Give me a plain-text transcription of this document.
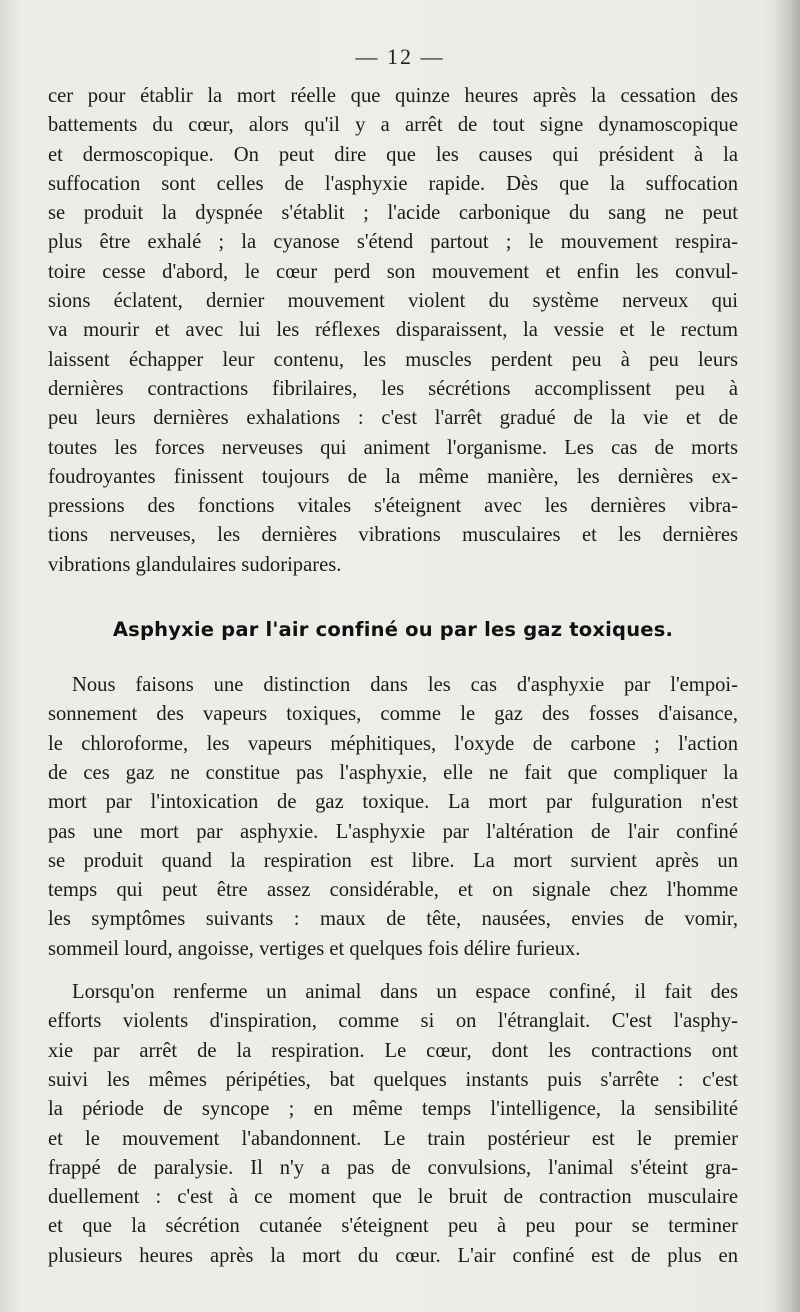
— 12 —
cer pour établir la mort réelle que quinze heures après la cessation des
battements du cœur, alors qu'il y a arrêt de tout signe dynamoscopique
et dermoscopique. On peut dire que les causes qui président à la
suffocation sont celles de l'asphyxie rapide. Dès que la suffocation
se produit la dyspnée s'établit ; l'acide carbonique du sang ne peut
plus être exhalé ; la cyanose s'étend partout ; le mouvement respira-
toire cesse d'abord, le cœur perd son mouvement et enfin les convul-
sions éclatent, dernier mouvement violent du système nerveux qui
va mourir et avec lui les réflexes disparaissent, la vessie et le rectum
laissent échapper leur contenu, les muscles perdent peu à peu leurs
dernières contractions fibrilaires, les sécrétions accomplissent peu à
peu leurs dernières exhalations : c'est l'arrêt gradué de la vie et de
toutes les forces nerveuses qui animent l'organisme. Les cas de morts
foudroyantes finissent toujours de la même manière, les dernières ex-
pressions des fonctions vitales s'éteignent avec les dernières vibra-
tions nerveuses, les dernières vibrations musculaires et les dernières
vibrations glandulaires sudoripares.
Asphyxie par l'air confiné ou par les gaz toxiques.
Nous faisons une distinction dans les cas d'asphyxie par l'empoi-
sonnement des vapeurs toxiques, comme le gaz des fosses d'aisance,
le chloroforme, les vapeurs méphitiques, l'oxyde de carbone ; l'action
de ces gaz ne constitue pas l'asphyxie, elle ne fait que compliquer la
mort par l'intoxication de gaz toxique. La mort par fulguration n'est
pas une mort par asphyxie. L'asphyxie par l'altération de l'air confiné
se produit quand la respiration est libre. La mort survient après un
temps qui peut être assez considérable, et on signale chez l'homme
les symptômes suivants : maux de tête, nausées, envies de vomir,
sommeil lourd, angoisse, vertiges et quelques fois délire furieux.
Lorsqu'on renferme un animal dans un espace confiné, il fait des
efforts violents d'inspiration, comme si on l'étranglait. C'est l'asphy-
xie par arrêt de la respiration. Le cœur, dont les contractions ont
suivi les mêmes péripéties, bat quelques instants puis s'arrête : c'est
la période de syncope ; en même temps l'intelligence, la sensibilité
et le mouvement l'abandonnent. Le train postérieur est le premier
frappé de paralysie. Il n'y a pas de convulsions, l'animal s'éteint gra-
duellement : c'est à ce moment que le bruit de contraction musculaire
et que la sécrétion cutanée s'éteignent peu à peu pour se terminer
plusieurs heures après la mort du cœur. L'air confiné est de plus en
